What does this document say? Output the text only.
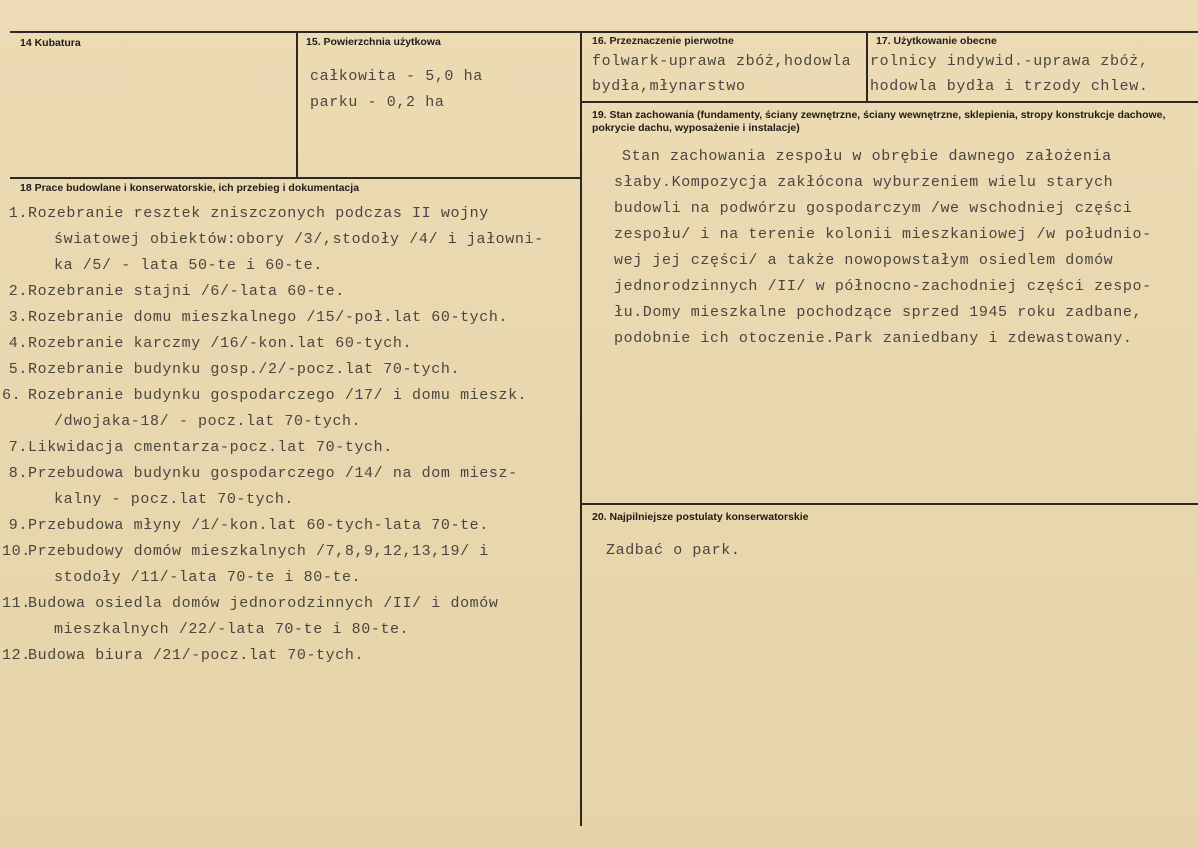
14 Kubatura	15. Powierzchnia użytkowa
całkowita - 5,0 ha
parku - 0,2 ha
16. Przeznaczenie pierwotne
folwark-uprawa zbóż,hodowla
bydła,młynarstwo
17. Użytkowanie obecne
rolnicy indywid.-uprawa zbóż,
hodowla bydła i trzody chlew.
18 Prace budowlane i konserwatorskie, ich przebieg i dokumentacja
1.Rozebranie resztek zniszczonych podczas II wojny
światowej obiektów:obory /3/,stodoły /4/ i jałowni-
ka /5/ - lata 50-te i 60-te.
2.Rozebranie stajni /6/-lata 60-te.
3.Rozebranie domu mieszkalnego /15/-poł.lat 60-tych.
4.Rozebranie karczmy /16/-kon.lat 60-tych.
5.Rozebranie budynku gosp./2/-pocz.lat 70-tych.
6. Rozebranie budynku gospodarczego /17/ i domu mieszk.
/dwojaka-18/ - pocz.lat 70-tych.
7.Likwidacja cmentarza-pocz.lat 70-tych.
8.Przebudowa budynku gospodarczego /14/ na dom miesz-
kalny - pocz.lat 70-tych.
9.Przebudowa młyny /1/-kon.lat 60-tych-lata 70-te.
10.Przebudowy domów mieszkalnych /7,8,9,12,13,19/ i
stodoły /11/-lata 70-te i 80-te.
11.Budowa osiedla domów jednorodzinnych /II/ i domów
mieszkalnych /22/-lata 70-te i 80-te.
12.Budowa biura /21/-pocz.lat 70-tych.
19. Stan zachowania (fundamenty, ściany zewnętrzne, ściany wewnętrzne, sklepienia, stropy konstrukcje dachowe, pokrycie dachu, wyposażenie i instalacje)
Stan zachowania zespołu w obrębie dawnego założenia
słaby.Kompozycja zakłócona wyburzeniem wielu starych
budowli na podwórzu gospodarczym /we wschodniej części
zespołu/ i na terenie kolonii mieszkaniowej /w południo-
wej jej części/ a także nowopowstałym osiedlem domów
jednorodzinnych /II/ w północno-zachodniej części zespo-
łu.Domy mieszkalne pochodzące sprzed 1945 roku zadbane,
podobnie ich otoczenie.Park zaniedbany i zdewastowany.
20. Najpilniejsze postulaty konserwatorskie
Zadbać o park.
